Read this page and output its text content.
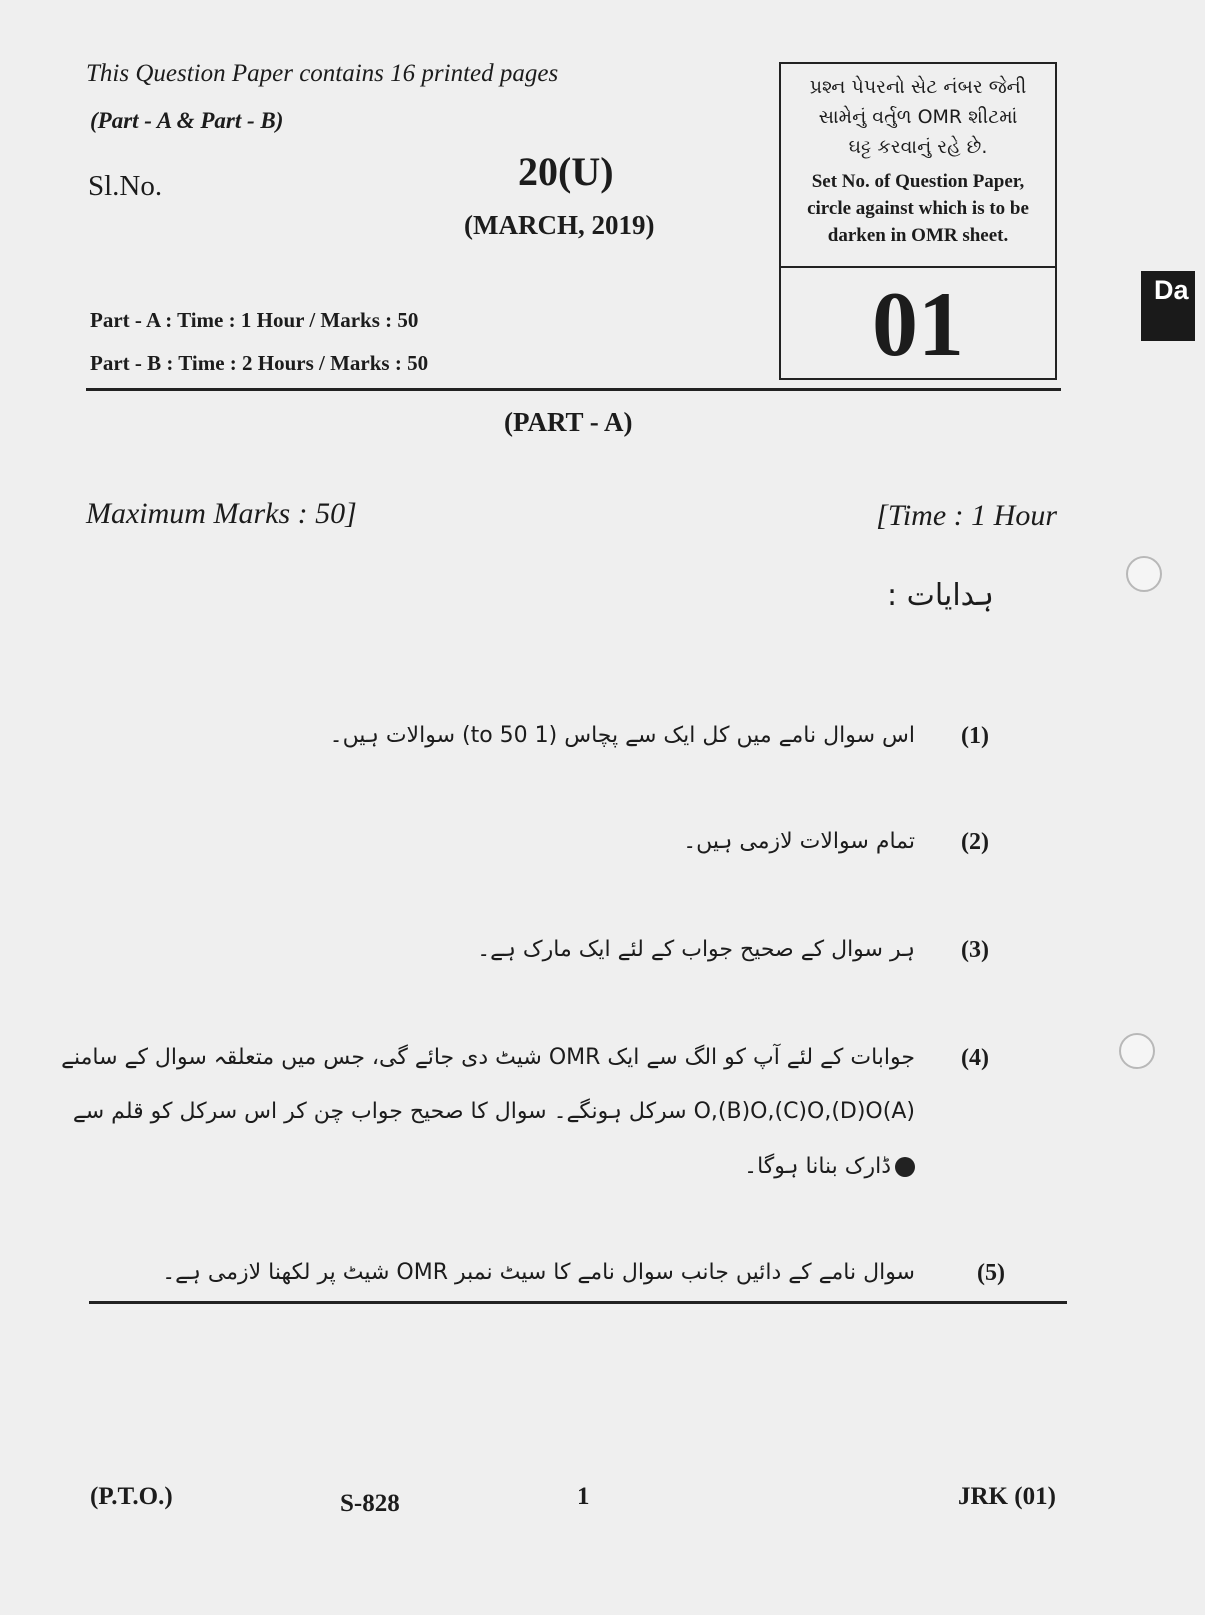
This Question Paper contains 16 printed pages
(Part - A & Part - B)
Sl.No.	20(U)
(MARCH, 2019)
Part - A : Time : 1 Hour / Marks : 50
Part - B : Time : 2 Hours / Marks : 50
પ્રશ્ન પેપરનો સેટ નંબર જેની
સામેનું વર્તુળ OMR શીટમાં
ઘટ્ટ કરવાનું રહે છે.
Set No. of Question Paper,
circle against which is to be
darken in OMR sheet.
01
(PART - A)
Maximum Marks : 50]	[Time : 1 Hour
ہدایات :
(1)
اس سوال نامے میں کل ایک سے پچاس (1 to 50) سوالات ہیں۔
(2)
تمام سوالات لازمی ہیں۔
(3)
ہر سوال کے صحیح جواب کے لئے ایک مارک ہے۔
(4)
جوابات کے لئے آپ کو الگ سے ایک OMR شیٹ دی جائے گی، جس میں متعلقہ سوال کے سامنے
(A)O,(B)O,(C)O,(D)O سرکل ہونگے۔ سوال کا صحیح جواب چن کر اس سرکل کو قلم سے
ڈارک بنانا ہوگا۔
(5)
سوال نامے کے دائیں جانب سوال نامے کا سیٹ نمبر OMR شیٹ پر لکھنا لازمی ہے۔
Da
(P.T.O.)	S-828	1	JRK (01)
